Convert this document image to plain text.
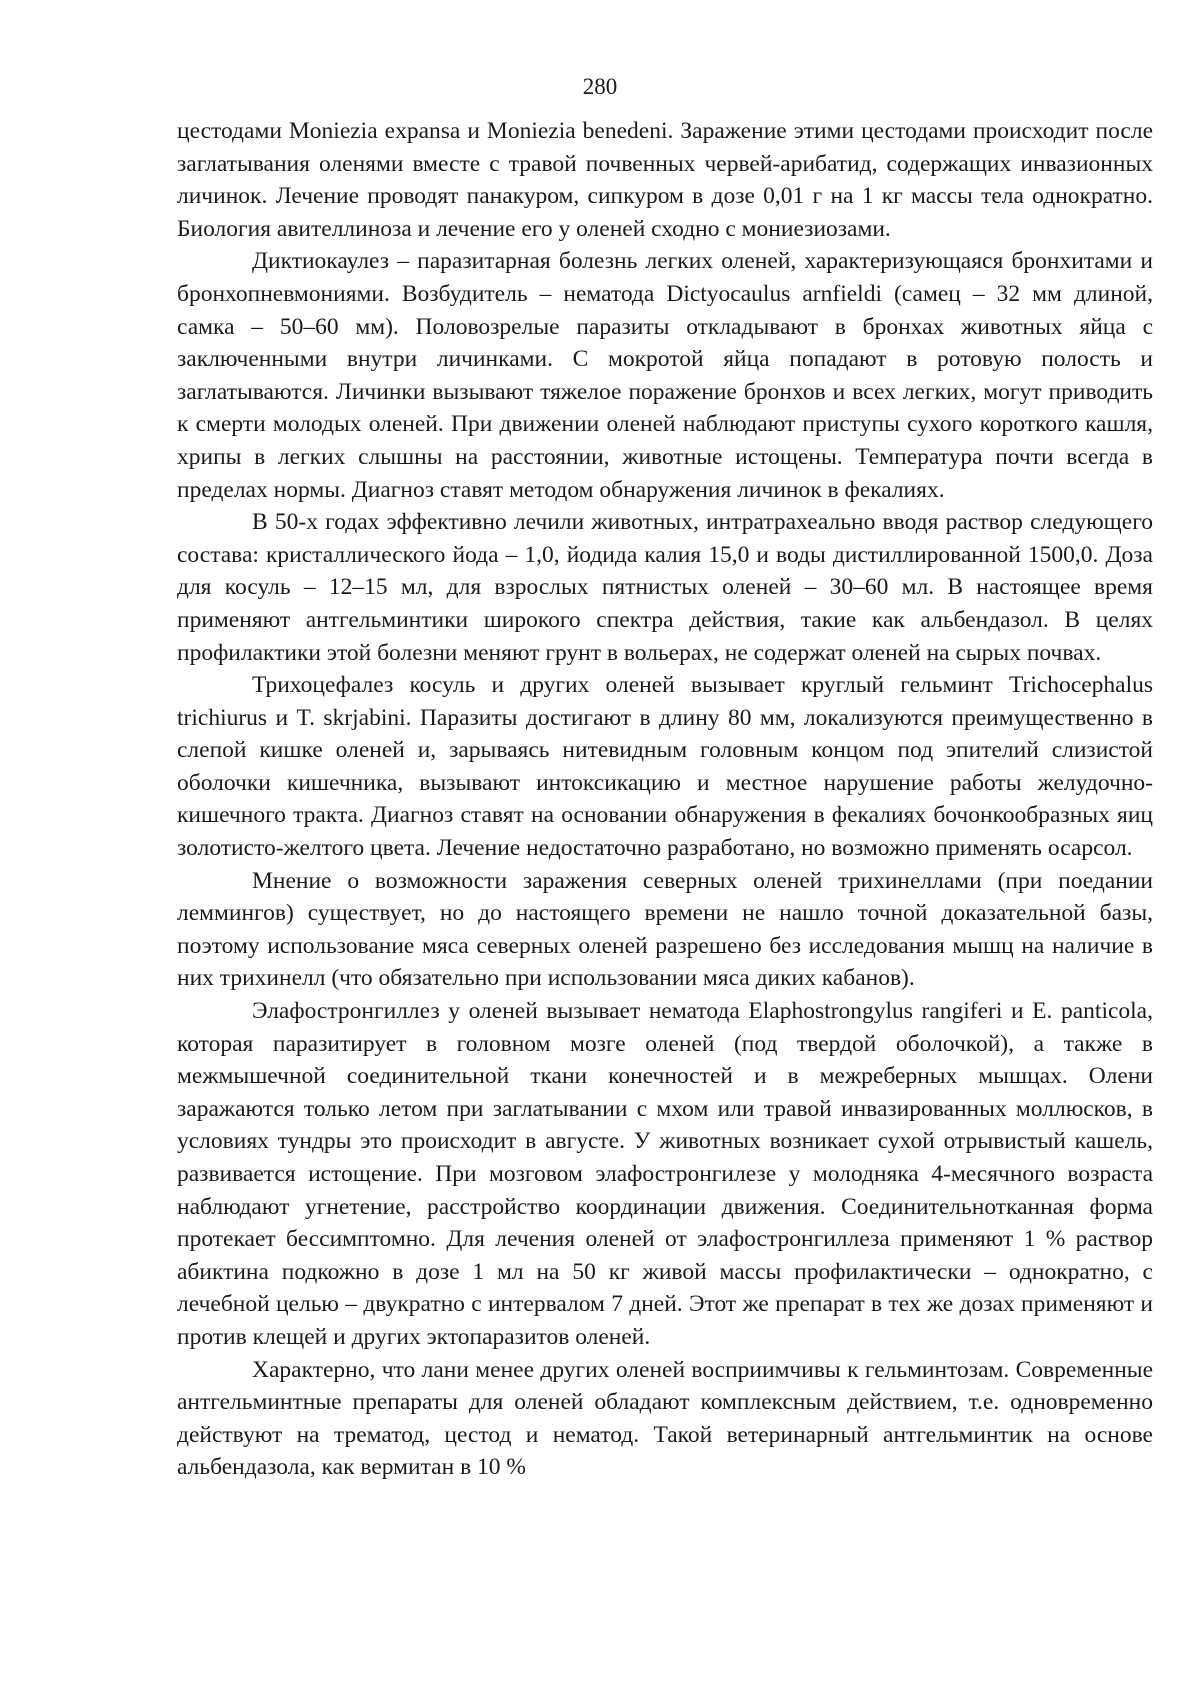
280

цестодами Moniezia expansa и Moniezia benedeni. Заражение этими цестодами происходит после заглатывания оленями вместе с травой почвенных червей-арибатид, содержащих инвазионных личинок. Лечение проводят панакуром, сипкуром в дозе 0,01 г на 1 кг массы тела однократно. Биология авителлиноза и лечение его у оленей сходно с мониезиозами.

Диктиокаулез – паразитарная болезнь легких оленей, характеризующаяся бронхитами и бронхопневмониями. Возбудитель – нематода Dictyocaulus arnfieldi (самец – 32 мм длиной, самка – 50–60 мм). Половозрелые паразиты откладывают в бронхах животных яйца с заключенными внутри личинками. С мокротой яйца попадают в ротовую полость и заглатываются. Личинки вызывают тяжелое поражение бронхов и всех легких, могут приводить к смерти молодых оленей. При движении оленей наблюдают приступы сухого короткого кашля, хрипы в легких слышны на расстоянии, животные истощены. Температура почти всегда в пределах нормы. Диагноз ставят методом обнаружения личинок в фекалиях.

В 50-х годах эффективно лечили животных, интратрахеально вводя раствор следующего состава: кристаллического йода – 1,0, йодида калия 15,0 и воды дистиллированной 1500,0. Доза для косуль – 12–15 мл, для взрослых пятнистых оленей – 30–60 мл. В настоящее время применяют антгельминтики широкого спектра действия, такие как альбендазол. В целях профилактики этой болезни меняют грунт в вольерах, не содержат оленей на сырых почвах.

Трихоцефалез косуль и других оленей вызывает круглый гельминт Trichocephalus trichiurus и T. skrjabini. Паразиты достигают в длину 80 мм, локализуются преимущественно в слепой кишке оленей и, зарываясь нитевидным головным концом под эпителий слизистой оболочки кишечника, вызывают интоксикацию и местное нарушение работы желудочно-кишечного тракта. Диагноз ставят на основании обнаружения в фекалиях бочонкообразных яиц золотисто-желтого цвета. Лечение недостаточно разработано, но возможно применять осарсол.

Мнение о возможности заражения северных оленей трихинеллами (при поедании леммингов) существует, но до настоящего времени не нашло точной доказательной базы, поэтому использование мяса северных оленей разрешено без исследования мышц на наличие в них трихинелл (что обязательно при использовании мяса диких кабанов).

Элафостронгиллез у оленей вызывает нематода Elaphostrongylus rangiferi и E. panticola, которая паразитирует в головном мозге оленей (под твердой оболочкой), а также в межмышечной соединительной ткани конечностей и в межреберных мышцах. Олени заражаются только летом при заглатывании с мхом или травой инвазированных моллюсков, в условиях тундры это происходит в августе. У животных возникает сухой отрывистый кашель, развивается истощение. При мозговом элафостронгилезе у молодняка 4-месячного возраста наблюдают угнетение, расстройство координации движения. Соединительнотканная форма протекает бессимптомно. Для лечения оленей от элафостронгиллеза применяют 1 % раствор абиктина подкожно в дозе 1 мл на 50 кг живой массы профилактически – однократно, с лечебной целью – двукратно с интервалом 7 дней. Этот же препарат в тех же дозах применяют и против клещей и других эктопаразитов оленей.

Характерно, что лани менее других оленей восприимчивы к гельминтозам. Современные антгельминтные препараты для оленей обладают комплексным действием, т.е. одновременно действуют на трематод, цестод и нематод. Такой ветеринарный антгельминтик на основе альбендазола, как вермитан в 10 %
